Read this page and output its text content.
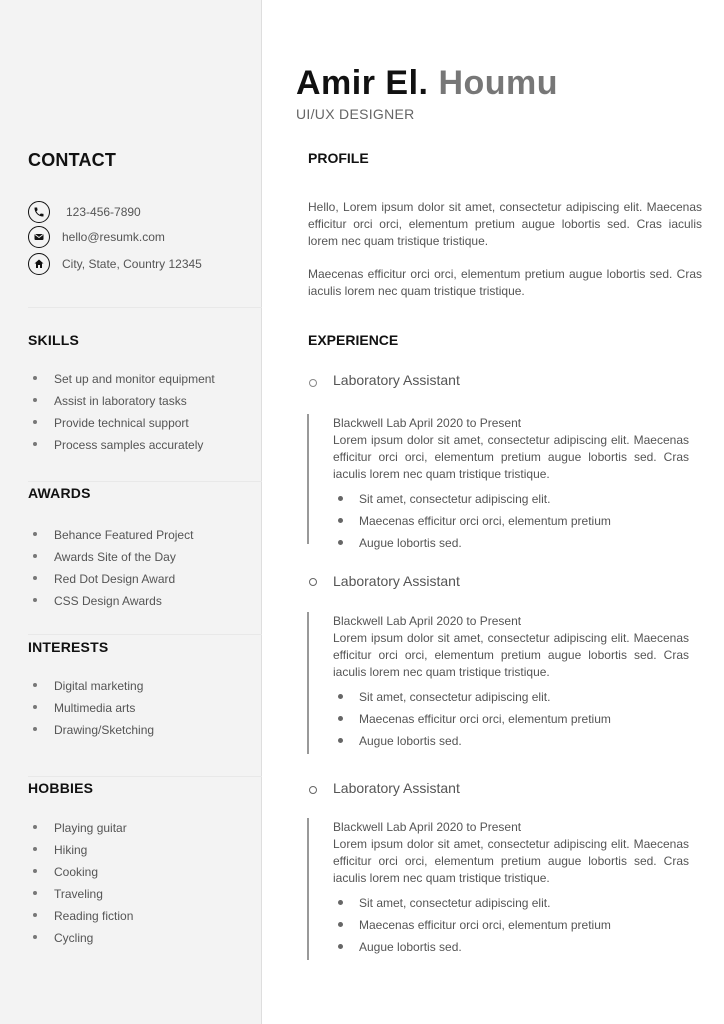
CONTACT
123-456-7890
hello@resumk.com
City, State, Country 12345
SKILLS
Set up and monitor equipment
Assist in laboratory tasks
Provide technical support
Process samples accurately
AWARDS
Behance Featured Project
Awards Site of the Day
Red Dot Design Award
CSS Design Awards
INTERESTS
Digital marketing
Multimedia arts
Drawing/Sketching
HOBBIES
Playing guitar
Hiking
Cooking
Traveling
Reading fiction
Cycling
Amir El. Houmu
UI/UX DESIGNER
PROFILE

Hello, Lorem ipsum dolor sit amet, consectetur adipiscing elit. Maecenas efficitur orci orci, elementum pretium augue lobortis sed. Cras iaculis lorem nec quam tristique tristique.

Maecenas efficitur orci orci, elementum pretium augue lobortis sed. Cras iaculis lorem nec quam tristique tristique.

EXPERIENCE
Laboratory Assistant
Blackwell Lab April 2020 to Present

Lorem ipsum dolor sit amet, consectetur adipiscing elit. Maecenas efficitur orci orci, elementum pretium augue lobortis sed. Cras iaculis lorem nec quam tristique tristique.

Sit amet, consectetur adipiscing elit.
Maecenas efficitur orci orci, elementum pretium
Augue lobortis sed.
Laboratory Assistant
Blackwell Lab April 2020 to Present

Lorem ipsum dolor sit amet, consectetur adipiscing elit. Maecenas efficitur orci orci, elementum pretium augue lobortis sed. Cras iaculis lorem nec quam tristique tristique.

Sit amet, consectetur adipiscing elit.
Maecenas efficitur orci orci, elementum pretium
Augue lobortis sed.
Laboratory Assistant
Blackwell Lab April 2020 to Present

Lorem ipsum dolor sit amet, consectetur adipiscing elit. Maecenas efficitur orci orci, elementum pretium augue lobortis sed. Cras iaculis lorem nec quam tristique tristique.

Sit amet, consectetur adipiscing elit.
Maecenas efficitur orci orci, elementum pretium
Augue lobortis sed.
